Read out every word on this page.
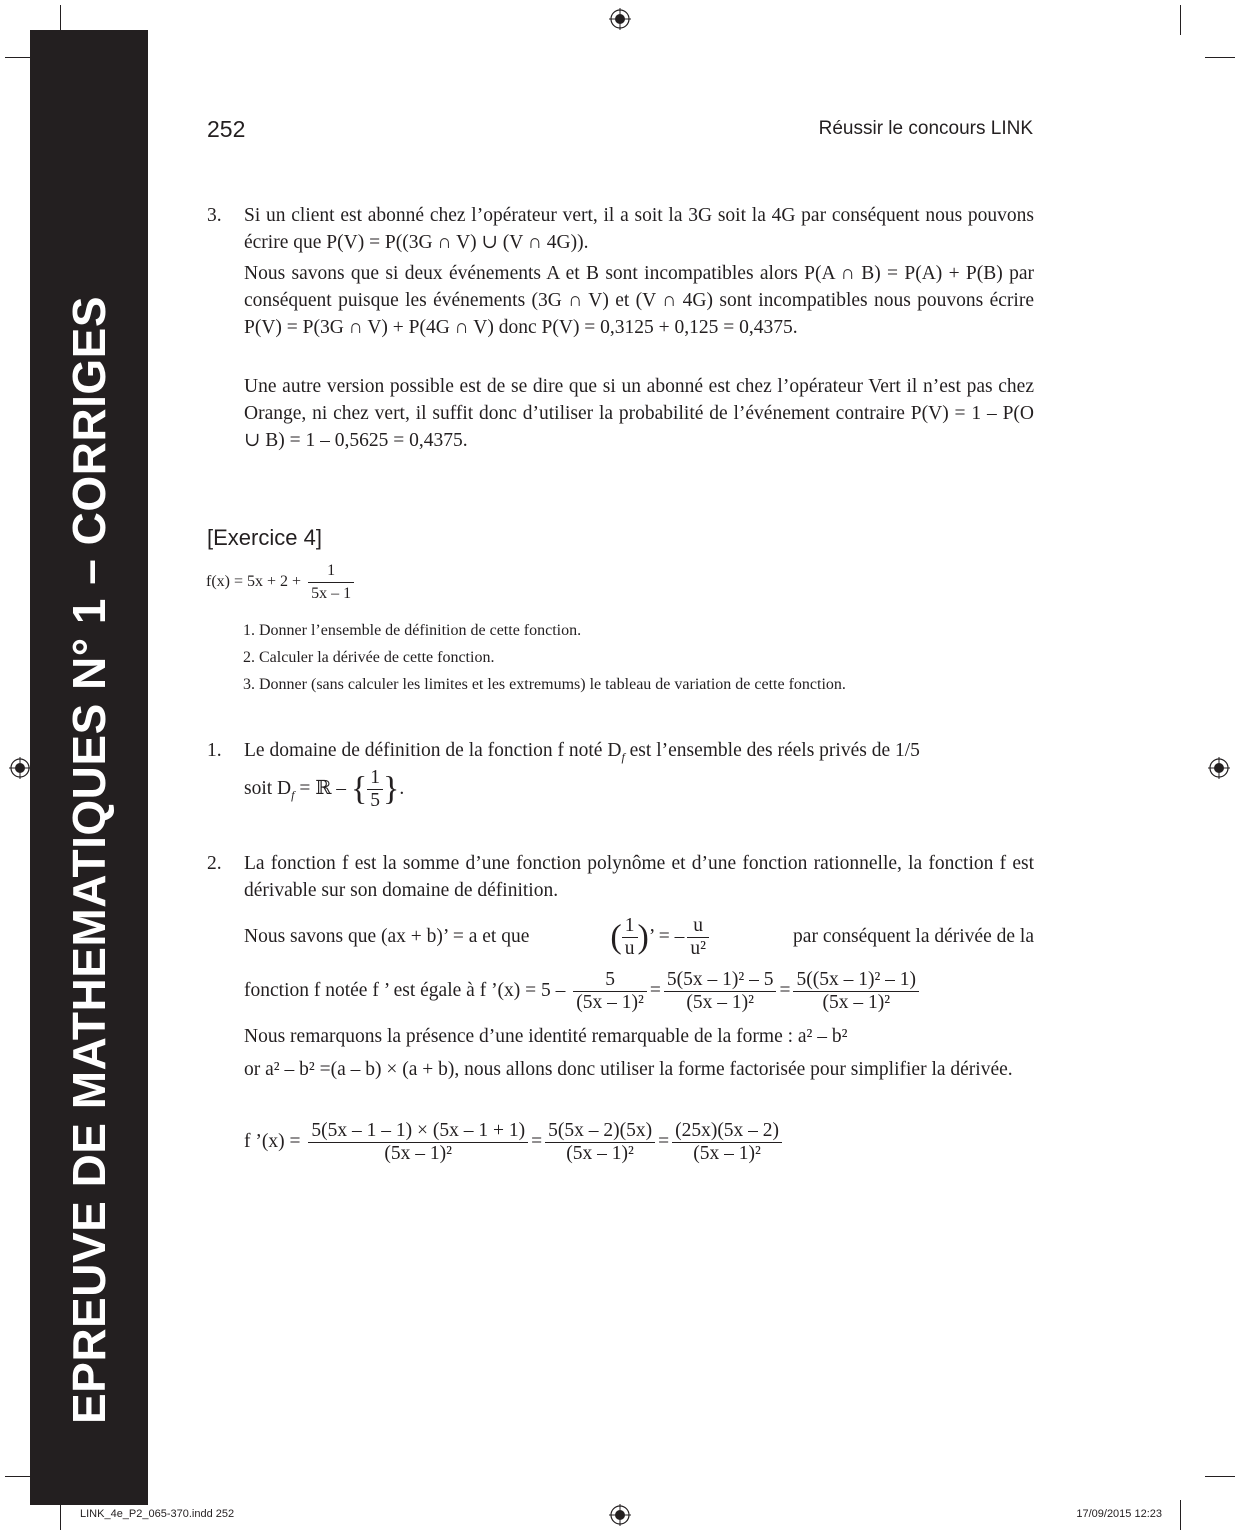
EPREUVE DE MATHEMATIQUES N° 1 – CORRIGES
252	Réussir le concours LINK
3. Si un client est abonné chez l’opérateur vert, il a soit la 3G soit la 4G par conséquent nous pouvons écrire que P(V) = P((3G ∩ V) ∪ (V ∩ 4G)).
Nous savons que si deux événements A et B sont incompatibles alors P(A ∩ B) = P(A) + P(B) par conséquent puisque les événements (3G ∩ V) et (V ∩ 4G) sont incompatibles nous pouvons écrire P(V) = P(3G ∩ V) + P(4G ∩ V) donc P(V) = 0,3125 + 0,125 = 0,4375.
Une autre version possible est de se dire que si un abonné est chez l’opérateur Vert il n’est pas chez Orange, ni chez vert, il suffit donc d’utiliser la probabilité de l’événement contraire P(V) = 1 – P(O ∪ B) = 1 – 0,5625 = 0,4375.
[Exercice 4]
$f(x) = 5x + 2 + \frac{1}{5x - 1}$
1. Donner l’ensemble de définition de cette fonction.
2. Calculer la dérivée de cette fonction.
3. Donner (sans calculer les limites et les extremums) le tableau de variation de cette fonction.
1. Le domaine de définition de la fonction f noté $D_f$ est l’ensemble des réels privés de 1/5
soit $D_f$ = ℝ – { $\frac{1}{5}$ }.
2. La fonction f est la somme d’une fonction polynôme et d’une fonction rationnelle, la fonction f est dérivable sur son domaine de définition.
Nous savons que (ax + b)’ = a et que ( $\frac{1}{u}$ )’ = – $\frac{u}{\text{u²}}$	par conséquent la dérivée de la
fonction f notée f ’ est égale à f ’(x) = $5 - \frac{5}{\text{(5x – 1)²}} = \frac{\text{5(5x – 1)² – 5}}{\text{(5x – 1)²}} = \frac{\text{5((5x – 1)² – 1)}}{\text{(5x – 1)²}}$
Nous remarquons la présence d’une identité remarquable de la forme : a² – b²
or a² – b² =(a – b) × (a + b), nous allons donc utiliser la forme factorisée pour simplifier la dérivée.
f ’(x) = $\frac{5(5x - 1 - 1) \times (5x - 1 + 1)}{\text{(5x – 1)²}} = \frac{5(5x - 2)(5x)}{\text{(5x – 1)²}} = \frac{(25x)(5x - 2)}{\text{(5x – 1)²}}$
LINK_4e_P2_065-370.indd 252	17/09/2015 12:23
